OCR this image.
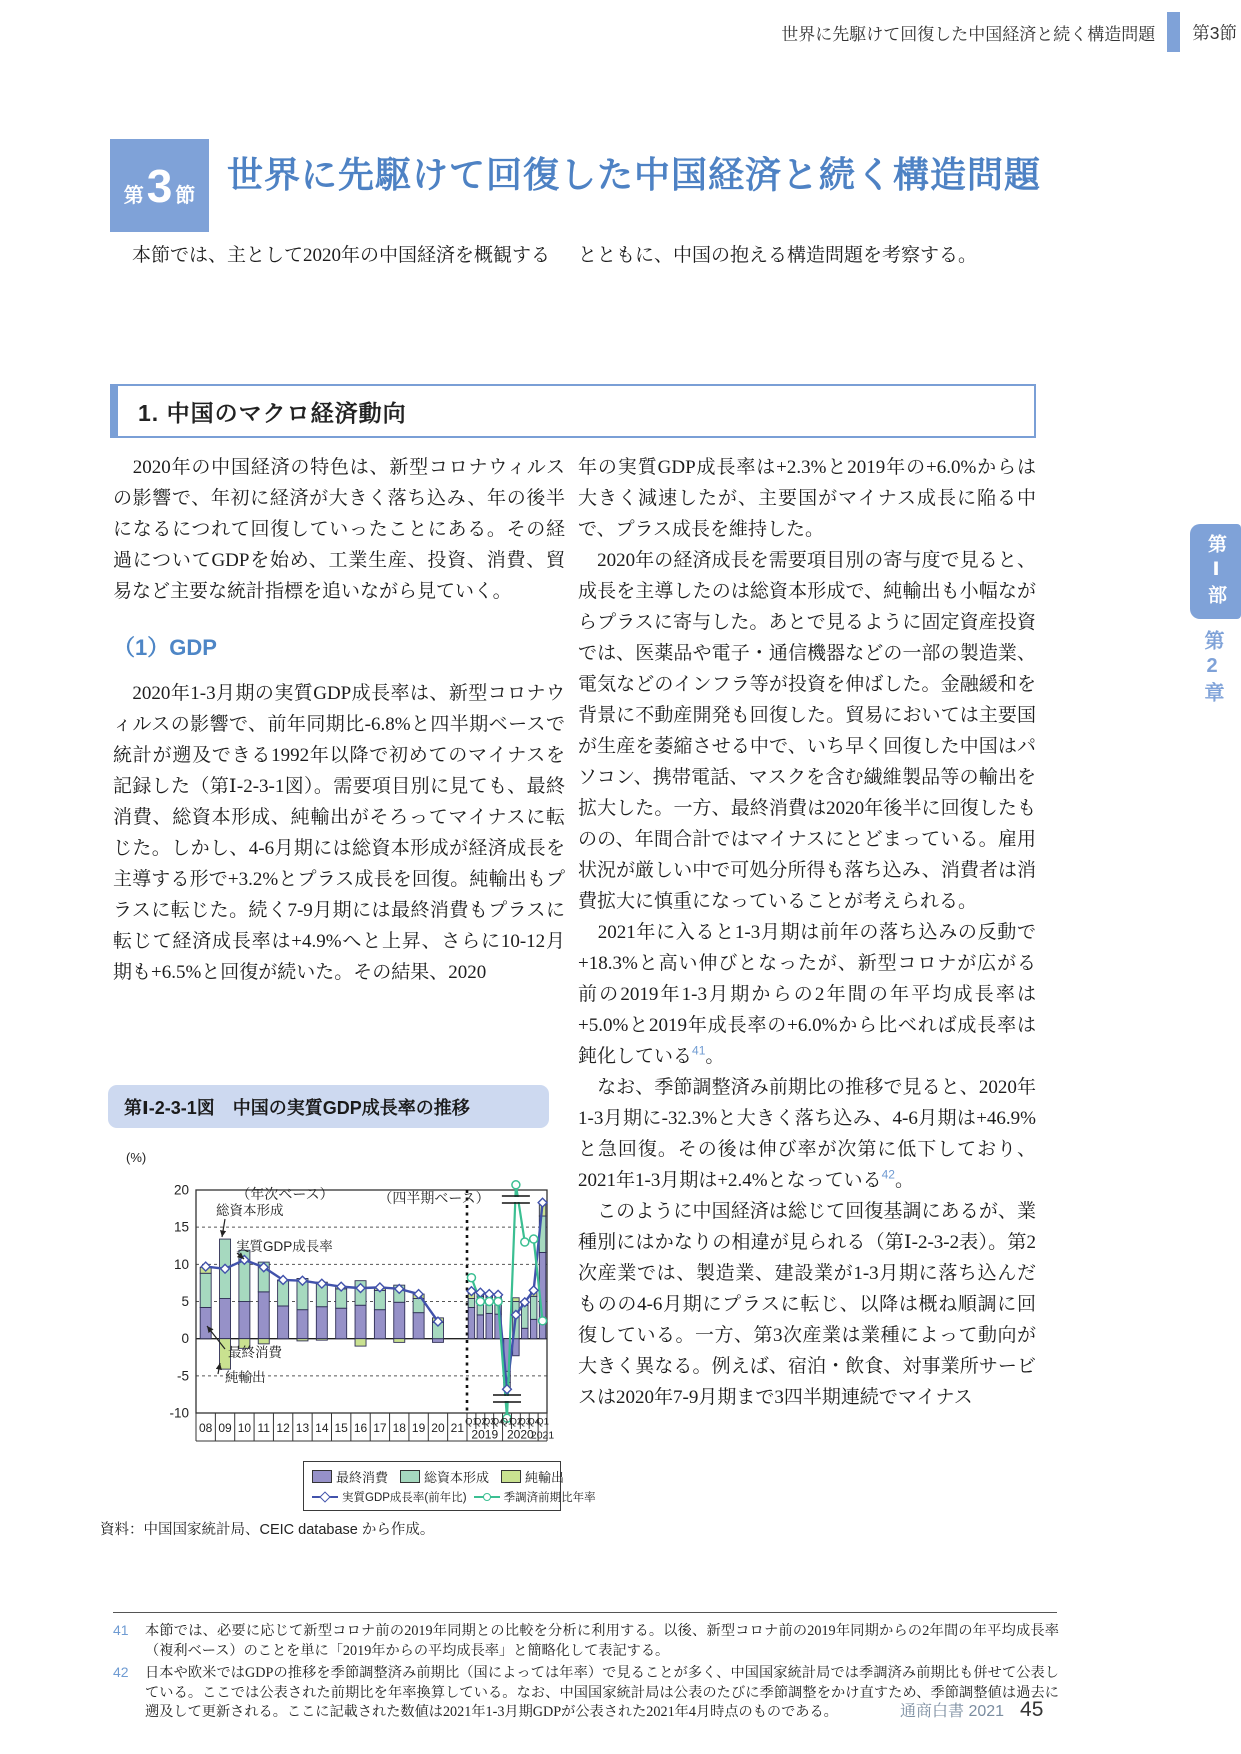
世界に先駆けて回復した中国経済と続く構造問題 第3節
第 3 節
世界に先駆けて回復した中国経済と続く構造問題

　本節では、主として2020年の中国経済を概観する	とともに、中国の抱える構造問題を考察する。

1. 中国のマクロ経済動向

　2020年の中国経済の特色は、新型コロナウィルスの影響で、年初に経済が大きく落ち込み、年の後半になるにつれて回復していったことにある。その経過についてGDPを始め、工業生産、投資、消費、貿易など主要な統計指標を追いながら見ていく。

（1）GDP

　2020年1-3月期の実質GDP成長率は、新型コロナウィルスの影響で、前年同期比-6.8%と四半期ベースで統計が遡及できる1992年以降で初めてのマイナスを記録した（第Ⅰ-2-3-1図）。需要項目別に見ても、最終消費、総資本形成、純輸出がそろってマイナスに転じた。しかし、4-6月期には総資本形成が経済成長を主導する形で+3.2%とプラス成長を回復。純輸出もプラスに転じた。続く7-9月期には最終消費もプラスに転じて経済成長率は+4.9%へと上昇、さらに10-12月期も+6.5%と回復が続いた。その結果、2020

年の実質GDP成長率は+2.3%と2019年の+6.0%からは大きく減速したが、主要国がマイナス成長に陥る中で、プラス成長を維持した。

　2020年の経済成長を需要項目別の寄与度で見ると、成長を主導したのは総資本形成で、純輸出も小幅ながらプラスに寄与した。あとで見るように固定資産投資では、医薬品や電子・通信機器などの一部の製造業、電気などのインフラ等が投資を伸ばした。金融緩和を背景に不動産開発も回復した。貿易においては主要国が生産を萎縮させる中で、いち早く回復した中国はパソコン、携帯電話、マスクを含む繊維製品等の輸出を拡大した。一方、最終消費は2020年後半に回復したものの、年間合計ではマイナスにとどまっている。雇用状況が厳しい中で可処分所得も落ち込み、消費者は消費拡大に慎重になっていることが考えられる。

　2021年に入ると1-3月期は前年の落ち込みの反動で+18.3%と高い伸びとなったが、新型コロナが広がる前の2019年1-3月期からの2年間の年平均成長率は+5.0%と2019年成長率の+6.0%から比べれば成長率は鈍化している$^{41}$。

　なお、季節調整済み前期比の推移で見ると、2020年1-3月期に-32.3%と大きく落ち込み、4-6月期は+46.9%と急回復。その後は伸び率が次第に低下しており、2021年1-3月期は+2.4%となっている$^{42}$。

　このように中国経済は総じて回復基調にあるが、業種別にはかなりの相違が見られる（第Ⅰ-2-3-2表）。第2次産業では、製造業、建設業が1-3月期に落ち込んだものの4-6月期にプラスに転じ、以降は概ね順調に回復している。一方、第3次産業は業種によって動向が大きく異なる。例えば、宿泊・飲食、対事業所サービスは2020年7-9月期まで3四半期連続でマイナス

第Ⅰ-2-3-1図　中国の実質GDP成長率の推移
(%)
20
15
10
5
0
-5
-10
08 09 10 11 12 13 14 15 16 17 18 19 20 21 Q1
Q2
Q3
Q4
Q1
Q2
Q3
Q4
Q1
2019 2020
2021
（年次ベース）	（四半期ベース）
総資本形成
実質GDP成長率
最終消費
純輸出
最終消費	総資本形成	純輸出
実質GDP成長率(前年比)	季調済前期比年率

資料：中国国家統計局、CEIC database から作成。

41	本節では、必要に応じて新型コロナ前の2019年同期との比較を分析に利用する。以後、新型コロナ前の2019年同期からの2年間の年平均成長率（複利ベース）のことを単に「2019年からの平均成長率」と簡略化して表記する。
42	日本や欧米ではGDPの推移を季節調整済み前期比（国によっては年率）で見ることが多く、中国国家統計局では季調済み前期比も併せて公表している。ここでは公表された前期比を年率換算している。なお、中国国家統計局は公表のたびに季節調整をかけ直すため、季節調整値は過去に遡及して更新される。ここに記載された数値は2021年1-3月期GDPが公表された2021年4月時点のものである。	通商白書 2021 45
第Ⅰ部
第2章
